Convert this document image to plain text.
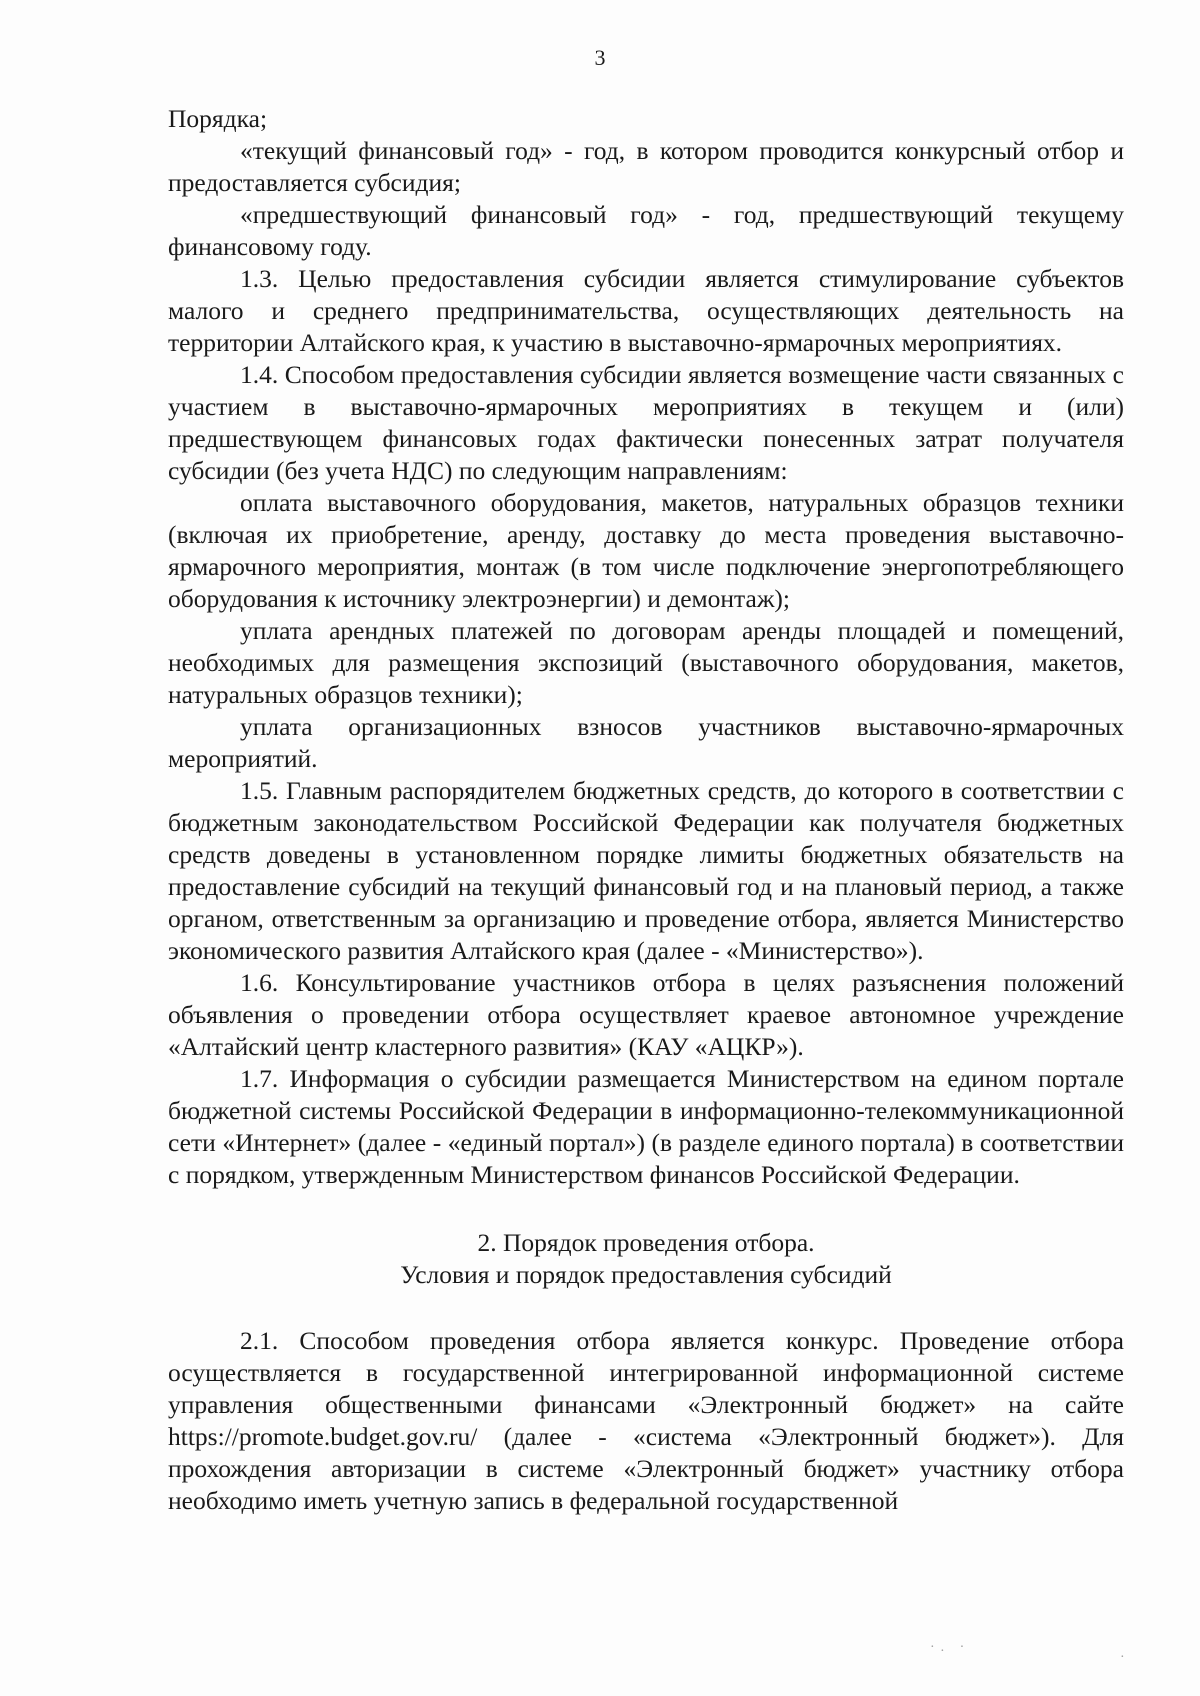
3

Порядка;

«текущий финансовый год» - год, в котором проводится конкурсный отбор и предоставляется субсидия;

«предшествующий финансовый год» - год, предшествующий текущему финансовому году.

1.3. Целью предоставления субсидии является стимулирование субъектов малого и среднего предпринимательства, осуществляющих деятельность на территории Алтайского края, к участию в выставочно-ярмарочных мероприятиях.

1.4. Способом предоставления субсидии является возмещение части связанных с участием в выставочно-ярмарочных мероприятиях в текущем и (или) предшествующем финансовых годах фактически понесенных затрат получателя субсидии (без учета НДС) по следующим направлениям:

оплата выставочного оборудования, макетов, натуральных образцов техники (включая их приобретение, аренду, доставку до места проведения выставочно-ярмарочного мероприятия, монтаж (в том числе подключение энергопотребляющего оборудования к источнику электроэнергии) и демонтаж);

уплата арендных платежей по договорам аренды площадей и помещений, необходимых для размещения экспозиций (выставочного оборудования, макетов, натуральных образцов техники);

уплата организационных взносов участников выставочно-ярмарочных мероприятий.

1.5. Главным распорядителем бюджетных средств, до которого в соответствии с бюджетным законодательством Российской Федерации как получателя бюджетных средств доведены в установленном порядке лимиты бюджетных обязательств на предоставление субсидий на текущий финансовый год и на плановый период, а также органом, ответственным за организацию и проведение отбора, является Министерство экономического развития Алтайского края (далее - «Министерство»).

1.6. Консультирование участников отбора в целях разъяснения положений объявления о проведении отбора осуществляет краевое автономное учреждение «Алтайский центр кластерного развития» (КАУ «АЦКР»).

1.7. Информация о субсидии размещается Министерством на едином портале бюджетной системы Российской Федерации в информационно-телекоммуникационной сети «Интернет» (далее - «единый портал») (в разделе единого портала) в соответствии с порядком, утвержденным Министерством финансов Российской Федерации.

2. Порядок проведения отбора.
Условия и порядок предоставления субсидий

2.1. Способом проведения отбора является конкурс. Проведение отбора осуществляется в государственной интегрированной информационной системе управления общественными финансами «Электронный бюджет» на сайте https://promote.budget.gov.ru/ (далее - «система «Электронный бюджет»). Для прохождения авторизации в системе «Электронный бюджет» участнику отбора необходимо иметь учетную запись в федеральной государственной

·. ·
·
